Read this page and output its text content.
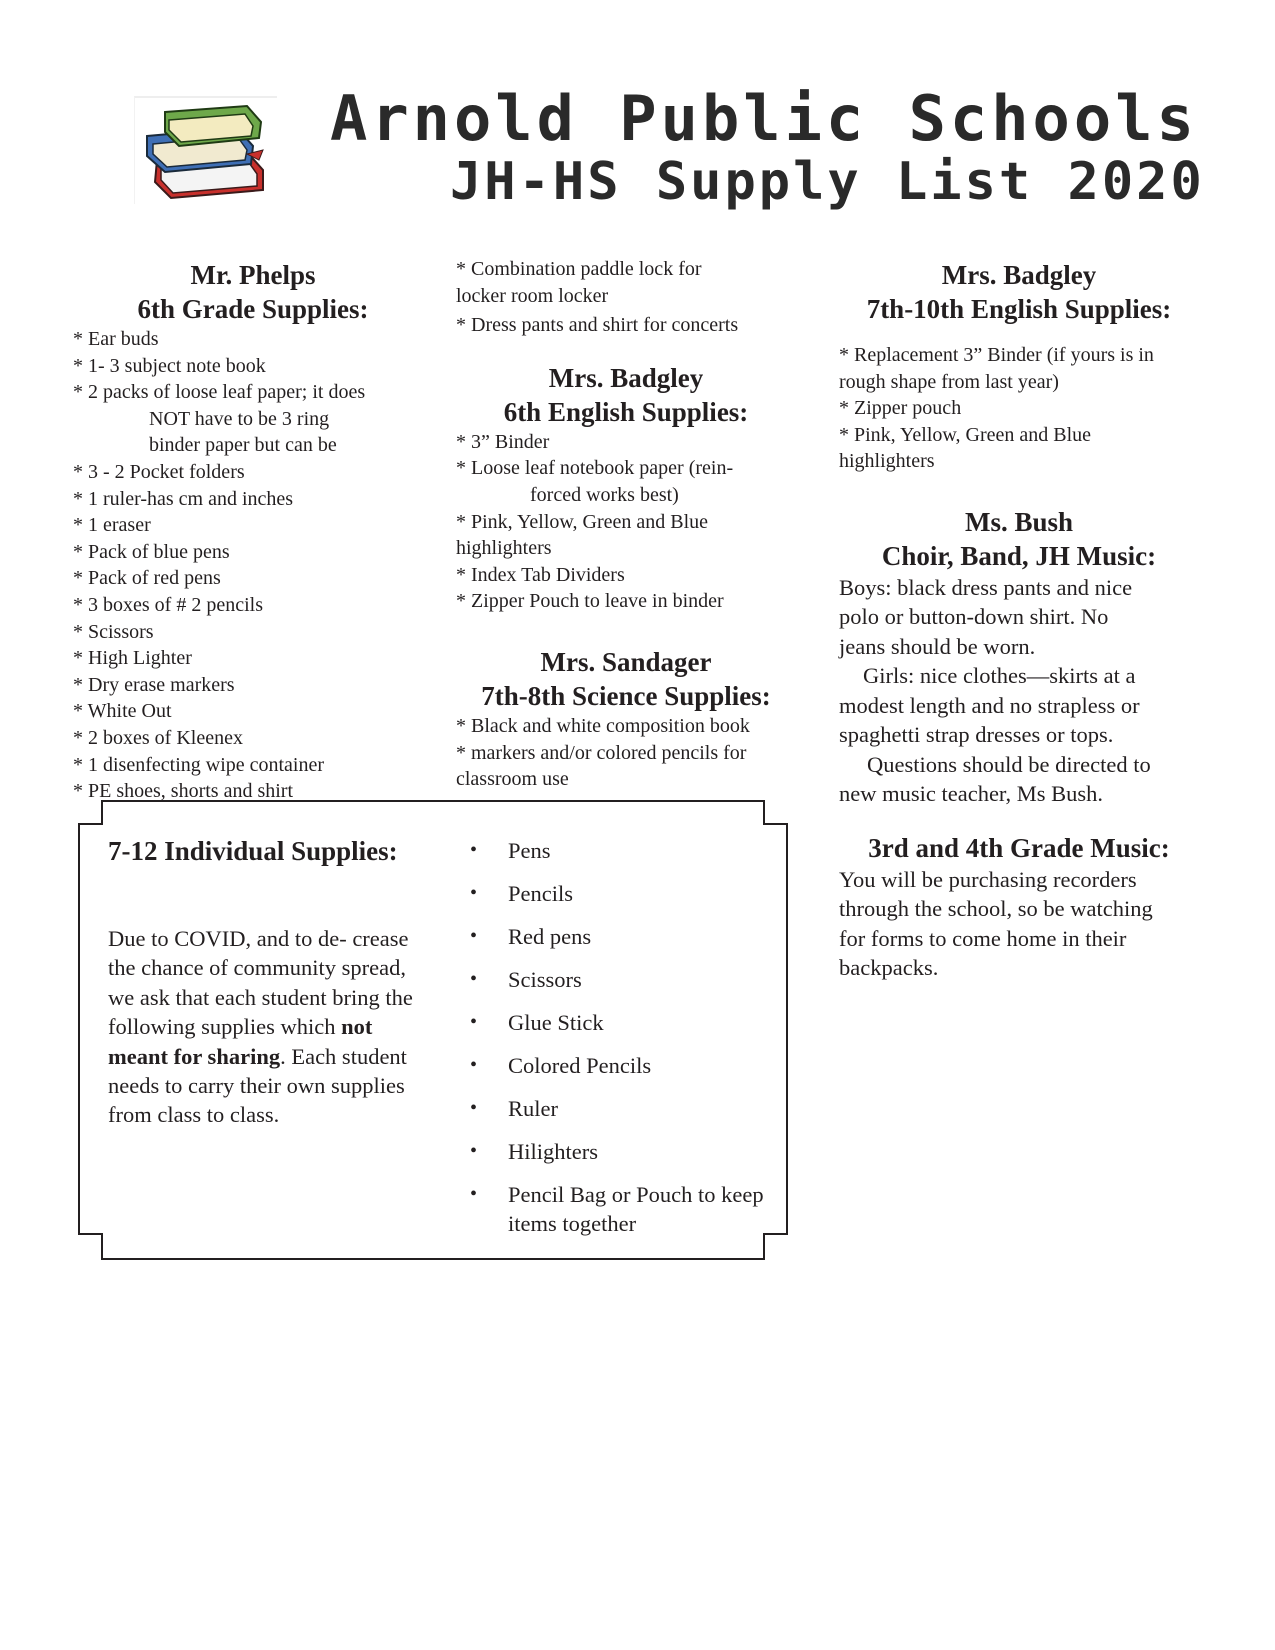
Arnold Public Schools
JH-HS Supply List 2020
Mr. Phelps
6th Grade Supplies:
* Ear buds
* 1- 3 subject note book
* 2 packs of loose leaf paper; it does
NOT have to be 3 ring
binder paper but can be
* 3 - 2 Pocket folders
* 1 ruler-has cm and inches
* 1 eraser
* Pack of blue pens
* Pack of red pens
* 3 boxes of # 2 pencils
* Scissors
* High Lighter
* Dry erase markers
* White Out
* 2 boxes of Kleenex
* 1 disenfecting wipe container
* PE shoes, shorts and shirt
* Combination paddle lock for
locker room locker
* Dress pants and shirt for concerts
Mrs. Badgley
6th English Supplies:
* 3” Binder
* Loose leaf notebook paper (rein-
forced works best)
* Pink, Yellow, Green and Blue
highlighters
* Index Tab Dividers
* Zipper Pouch to leave in binder
Mrs. Sandager
7th-8th Science Supplies:
* Black and white composition book
* markers and/or colored pencils for
classroom use
Mrs. Badgley
7th-10th English Supplies:
* Replacement 3” Binder (if yours is in
rough shape from last year)
* Zipper pouch
* Pink, Yellow, Green and Blue
highlighters
Ms. Bush
Choir, Band, JH Music:
Boys: black dress pants and nice
polo or button-down shirt. No
jeans should be worn.
Girls: nice clothes—skirts at a
modest length and no strapless or
spaghetti strap dresses or tops.
Questions should be directed to
new music teacher, Ms Bush.
3rd and 4th Grade Music:
You will be purchasing recorders
through the school, so be watching
for forms to come home in their
backpacks.
7-12 Individual Supplies:
Due to COVID, and to de- crease the chance of community spread, we ask that each student bring the following supplies which not meant for sharing. Each student needs to carry their own supplies from class to class.
• Pens
• Pencils
• Red pens
• Scissors
• Glue Stick
• Colored Pencils
• Ruler
• Hilighters
• Pencil Bag or Pouch to keep items together
